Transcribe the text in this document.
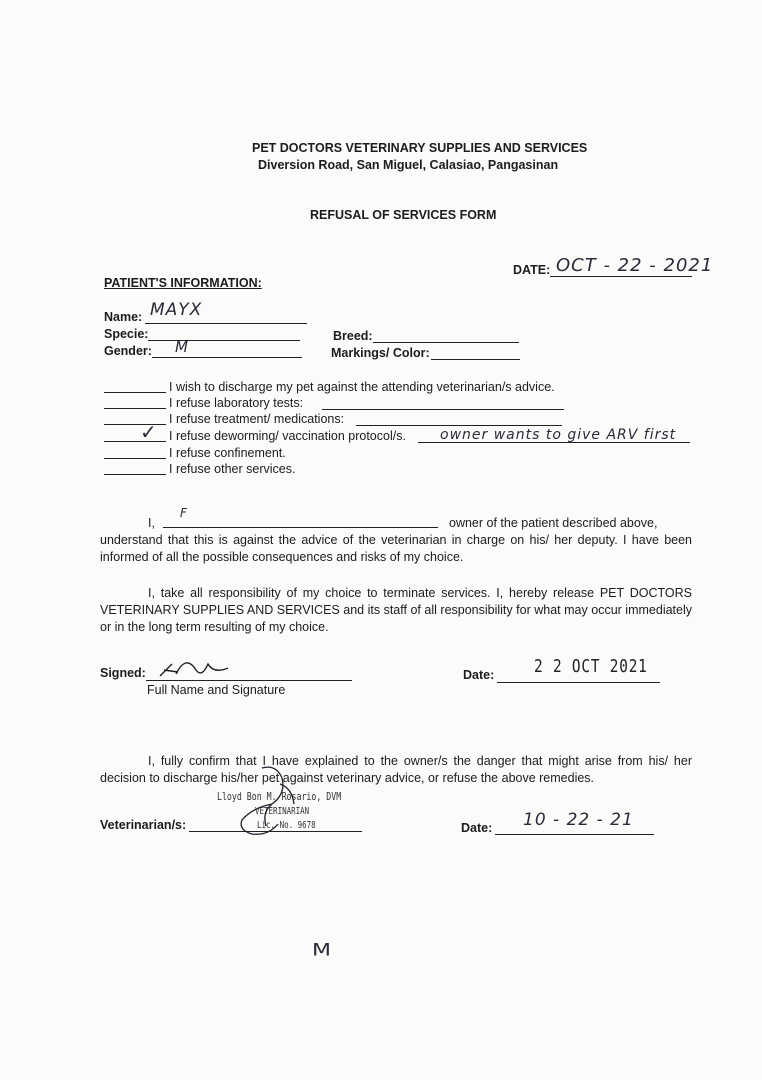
PET DOCTORS VETERINARY SUPPLIES AND SERVICES
Diversion Road, San Miguel, Calasiao, Pangasinan
REFUSAL OF SERVICES FORM
DATE: OCT - 22 - 2021
PATIENT'S INFORMATION:
Name: MAYX
Specie:
Gender: M
Breed:
Markings/ Color:
I wish to discharge my pet against the attending veterinarian/s advice.
I refuse laboratory tests:
I refuse treatment/ medications:
✓ I refuse deworming/ vaccination protocol/s. owner wants to give ARV first
I refuse confinement.
I refuse other services.
I,
F
owner of the patient described above,
understand that this is against the advice of the veterinarian in charge on his/ her deputy. I have been informed of all the possible consequences and risks of my choice.
I, take all responsibility of my choice to terminate services. I, hereby release PET DOCTORS VETERINARY SUPPLIES AND SERVICES and its staff of all responsibility for what may occur immediately or in the long term resulting of my choice.
Signed:
Full Name and Signature
Date: 2 2 OCT 2021
I, fully confirm that I have explained to the owner/s the danger that might arise from his/ her decision to discharge his/her pet against veterinary advice, or refuse the above remedies.
Veterinarian/s:
Lloyd Bon M. Rosario, DVM
VETERINARIAN
Lic. No. 9678	Date: 10 - 22 - 21
M
